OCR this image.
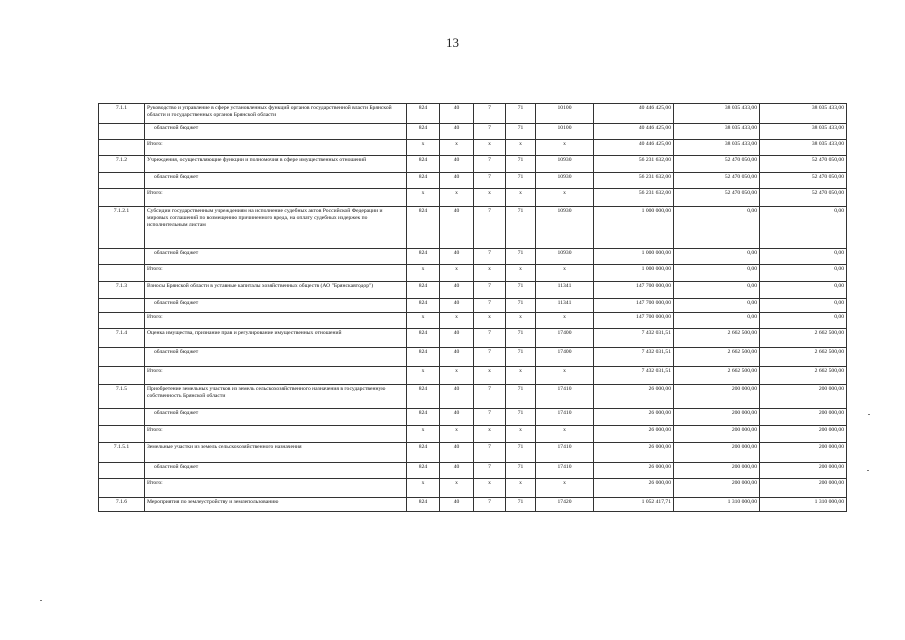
13
7.1.1	Руководство и управление в сфере установленных функций органов государственной власти Брянской области и государственных органов Брянской области	824	40	7	71	10100	40 446 425,00	38 035 433,00	38 035 433,00
	областной бюджет	824	40	7	71	10100	40 446 425,00	38 035 433,00	38 035 433,00
	Итого:	x	x	x	x	x	40 446 425,00	38 035 433,00	38 035 433,00
7.1.2	Учреждения, осуществляющие функции и полномочия в сфере имущественных отношений	824	40	7	71	10930	56 231 632,00	52 470 050,00	52 470 050,00
	областной бюджет	824	40	7	71	10930	56 231 632,00	52 470 050,00	52 470 050,00
	Итого:	x	x	x	x	x	56 231 632,00	52 470 050,00	52 470 050,00
7.1.2.1	Субсидии государственным учреждениям на исполнение судебных актов Российской Федерации и мировых соглашений по возмещению причиненного вреда, на оплату судебных издержек по исполнительным листам	824	40	7	71	10930	1 000 000,00	0,00	0,00
	областной бюджет	824	40	7	71	10930	1 000 000,00	0,00	0,00
	Итого:	x	x	x	x	x	1 000 000,00	0,00	0,00
7.1.3	Взносы Брянской области в уставные капиталы хозяйственных обществ (АО "Брянскавтодор")	824	40	7	71	11341	147 700 000,00	0,00	0,00
	областной бюджет	824	40	7	71	11341	147 700 000,00	0,00	0,00
	Итого:	x	x	x	x	x	147 700 000,00	0,00	0,00
7.1.4	Оценка имущества, признание прав и регулирование имущественных отношений	824	40	7	71	17400	7 432 031,51	2 662 500,00	2 662 500,00
	областной бюджет	824	40	7	71	17400	7 432 031,51	2 662 500,00	2 662 500,00
	Итого:	x	x	x	x	x	7 432 031,51	2 662 500,00	2 662 500,00
7.1.5	Приобретение земельных участков из земель сельскохозяйственного назначения в государственную собственность Брянской области	824	40	7	71	17410	26 000,00	200 000,00	200 000,00
	областной бюджет	824	40	7	71	17410	26 000,00	200 000,00	200 000,00
	Итого:	x	x	x	x	x	26 000,00	200 000,00	200 000,00
7.1.5.1	Земельные участки из земель сельскохозяйственного назначения	824	40	7	71	17410	26 000,00	200 000,00	200 000,00
	областной бюджет	824	40	7	71	17410	26 000,00	200 000,00	200 000,00
	Итого:	x	x	x	x	x	26 000,00	200 000,00	200 000,00
7.1.6	Мероприятия по землеустройству и землепользованию	824	40	7	71	17420	1 052 417,71	1 310 000,00	1 310 000,00
